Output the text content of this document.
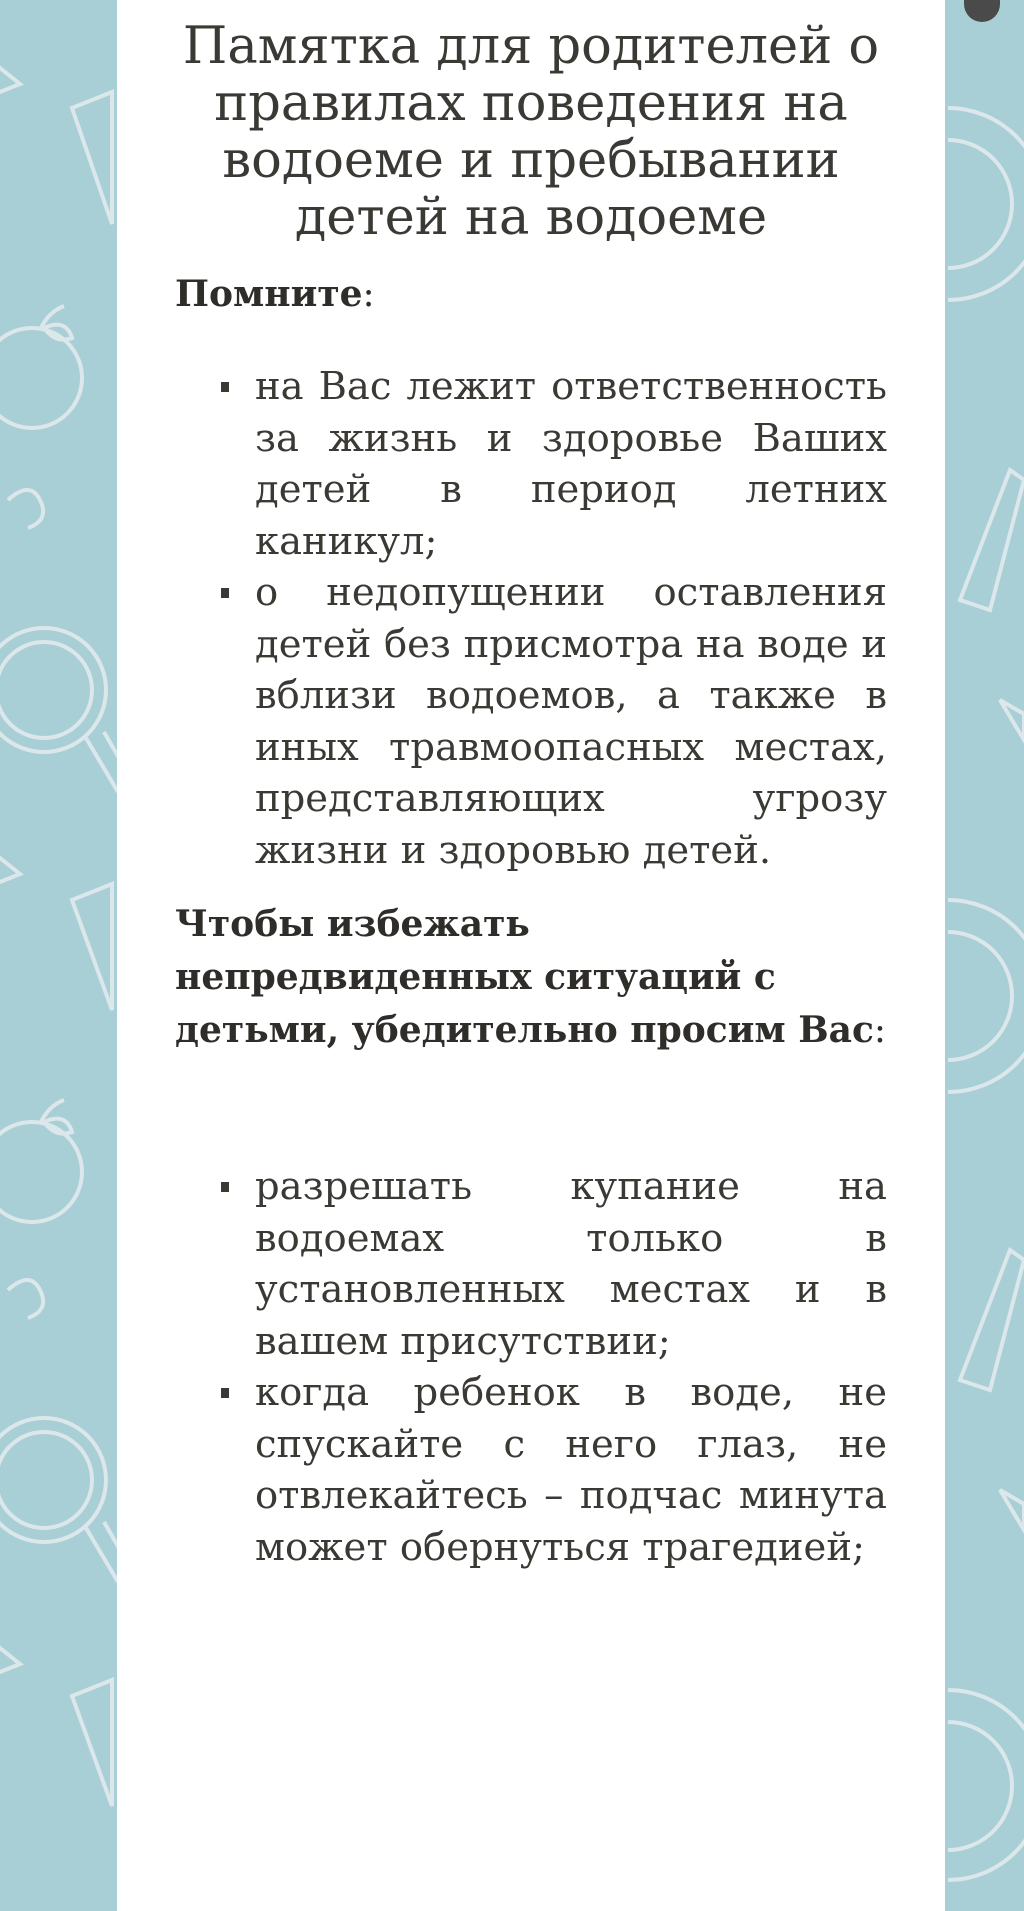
Памятка для родителей о правилах поведения на водоеме и пребывании детей на водоеме

Помните:

на Вас лежит ответственность за жизнь и здоровье Ваших детей в период летних каникул;
о недопущении оставления детей без присмотра на воде и вблизи водоемов, а также в иных травмоопасных местах, представляющих угрозу жизни и здоровью детей.

Чтобы избежать непредвиденных ситуаций с детьми, убедительно просим Вас:

разрешать купание на водоемах только в установленных местах и в вашем присутствии;
когда ребенок в воде, не спускайте с него глаз, не отвлекайтесь – подчас минута может обернуться трагедией;
